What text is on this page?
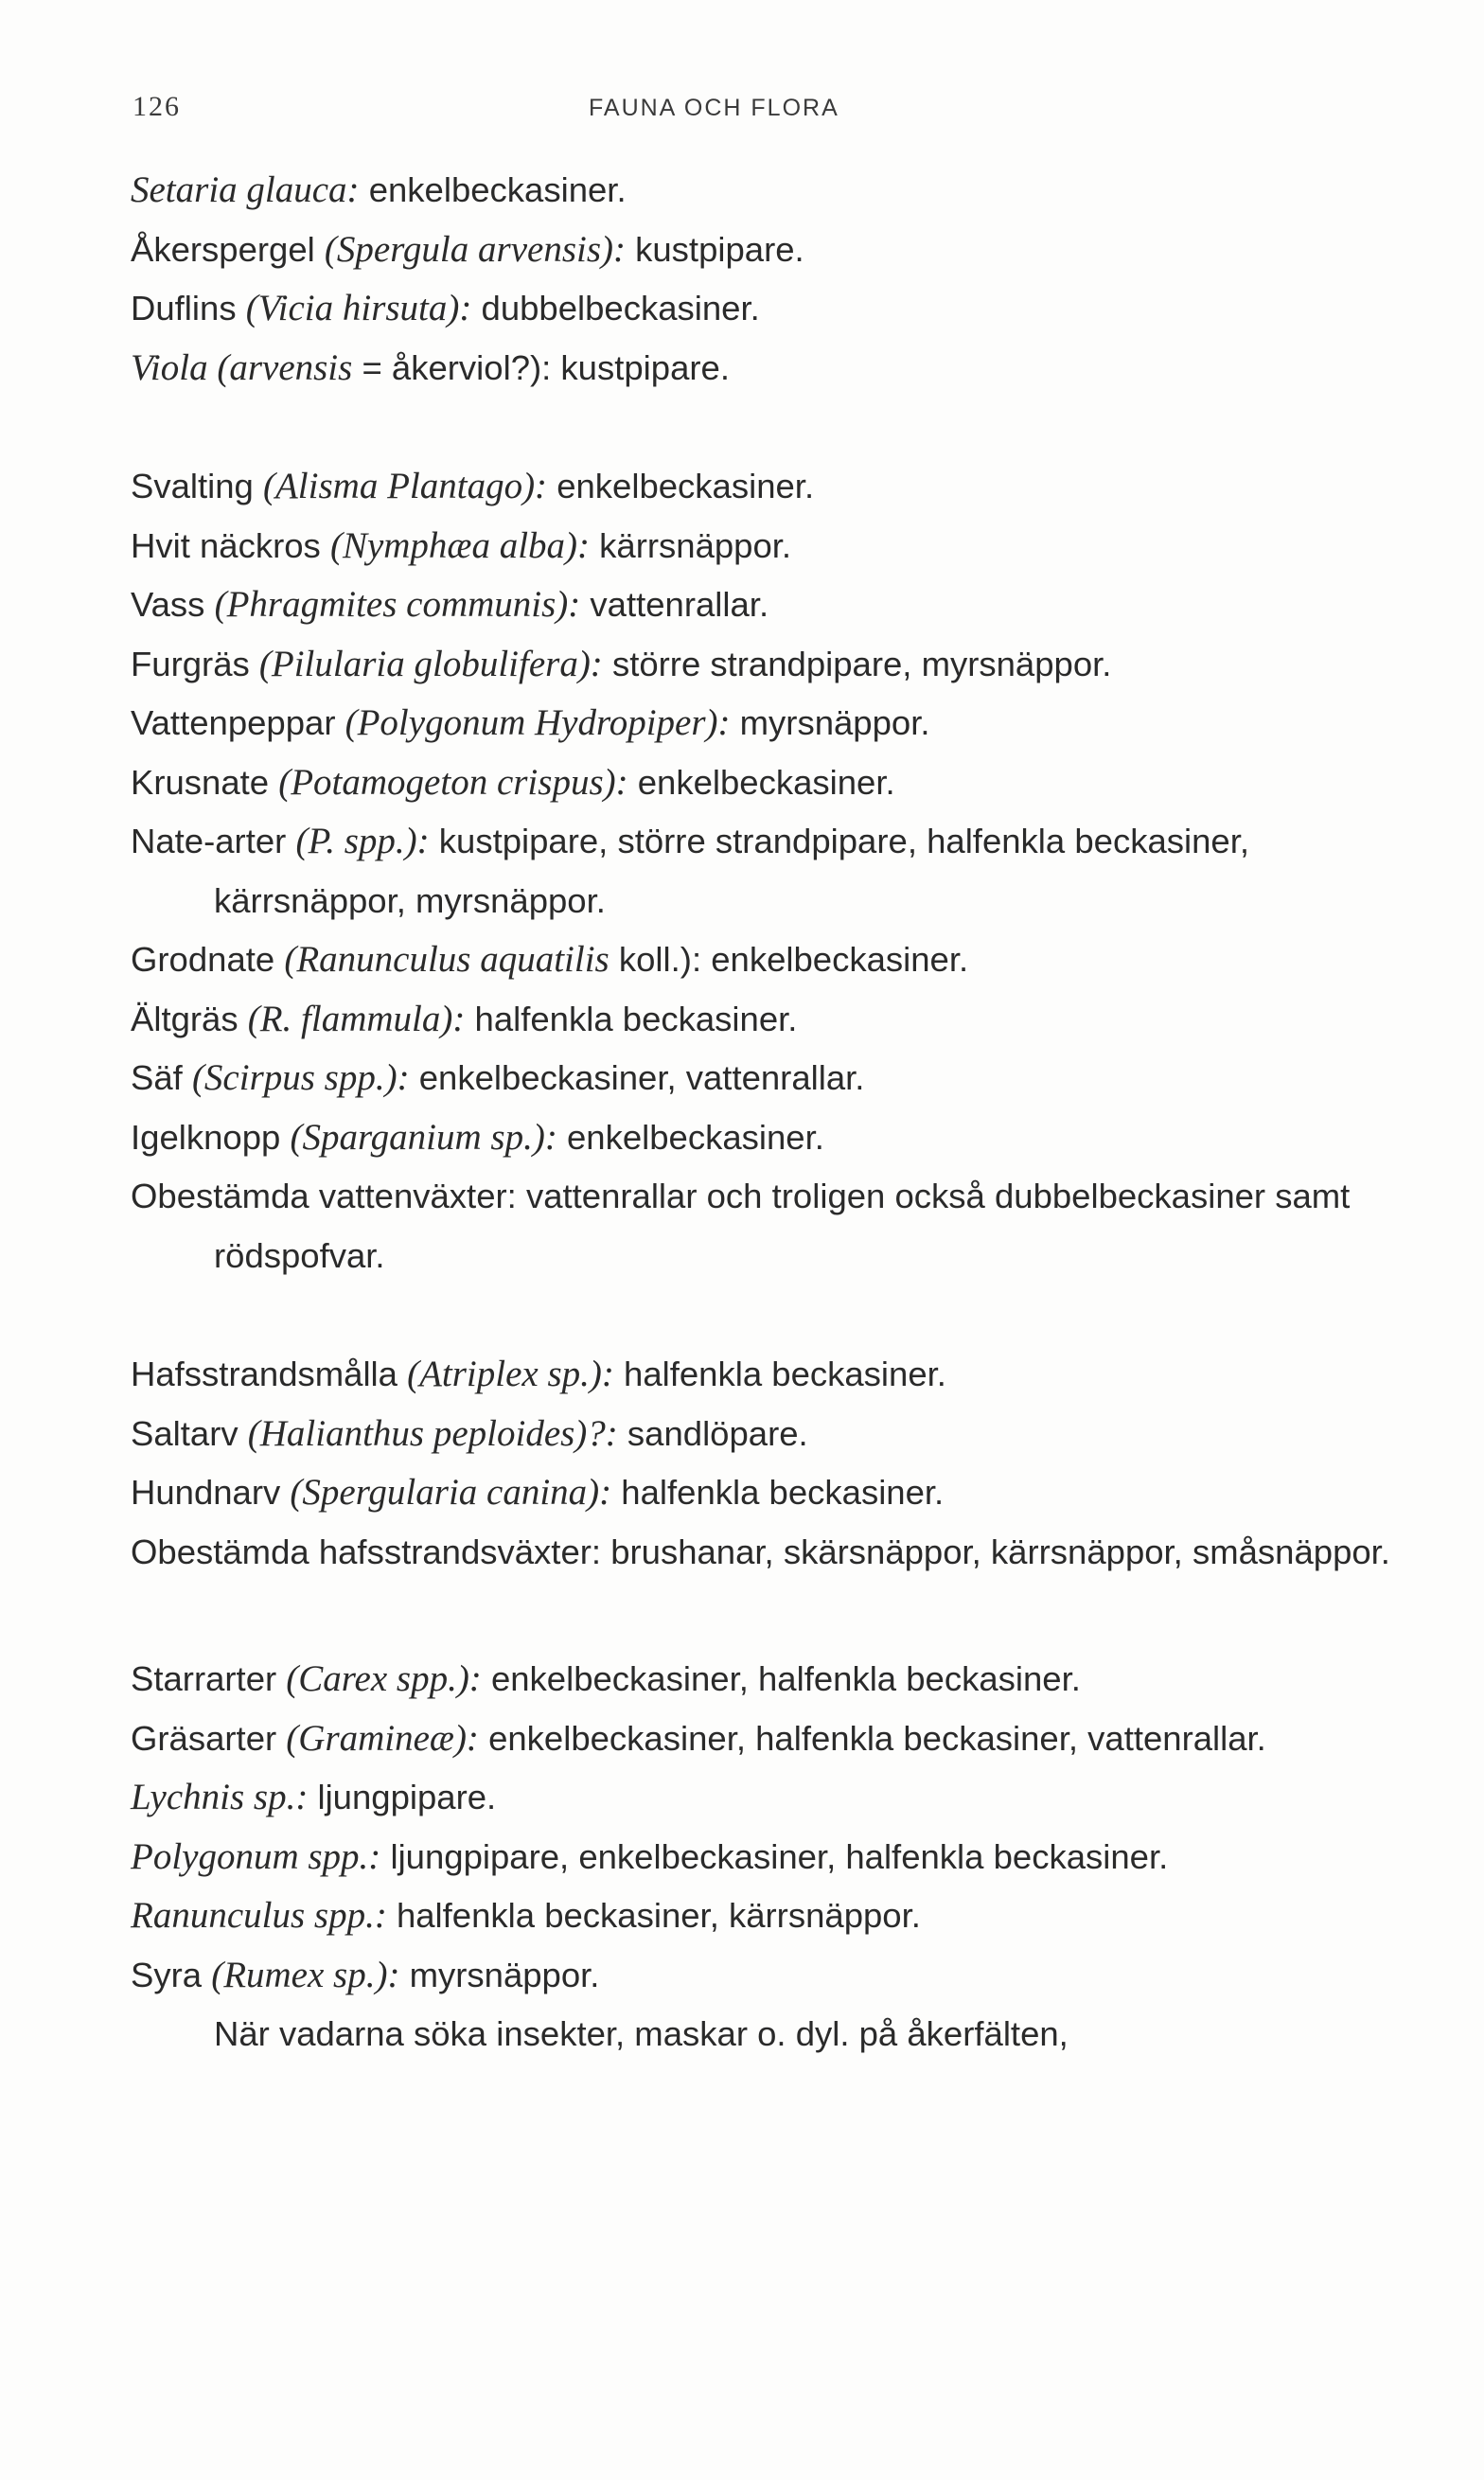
126	FAUNA OCH FLORA

Setaria glauca: enkelbeckasiner.

Åkerspergel (Spergula arvensis): kustpipare.

Duflins (Vicia hirsuta): dubbelbeckasiner.

Viola (arvensis = åkerviol?): kustpipare.

Svalting (Alisma Plantago): enkelbeckasiner.

Hvit näckros (Nymphæa alba): kärrsnäppor.

Vass (Phragmites communis): vattenrallar.

Furgräs (Pilularia globulifera): större strandpipare, myrsnäppor.

Vattenpeppar (Polygonum Hydropiper): myrsnäppor.

Krusnate (Potamogeton crispus): enkelbeckasiner.

Nate-arter (P. spp.): kustpipare, större strandpipare, halfenkla beckasiner, kärrsnäppor, myrsnäppor.

Grodnate (Ranunculus aquatilis koll.): enkelbeckasiner.

Ältgräs (R. flammula): halfenkla beckasiner.

Säf (Scirpus spp.): enkelbeckasiner, vattenrallar.

Igelknopp (Sparganium sp.): enkelbeckasiner.

Obestämda vattenväxter: vattenrallar och troligen också dubbelbeckasiner samt rödspofvar.

Hafsstrandsmålla (Atriplex sp.): halfenkla beckasiner.

Saltarv (Halianthus peploides)?: sandlöpare.

Hundnarv (Spergularia canina): halfenkla beckasiner.

Obestämda hafsstrandsväxter: brushanar, skärsnäppor, kärrsnäppor, småsnäppor.

Starrarter (Carex spp.): enkelbeckasiner, halfenkla beckasiner.

Gräsarter (Gramineæ): enkelbeckasiner, halfenkla beckasiner, vattenrallar.

Lychnis sp.: ljungpipare.

Polygonum spp.: ljungpipare, enkelbeckasiner, halfenkla beckasiner.

Ranunculus spp.: halfenkla beckasiner, kärrsnäppor.

Syra (Rumex sp.): myrsnäppor.

När vadarna söka insekter, maskar o. dyl. på åkerfälten,
